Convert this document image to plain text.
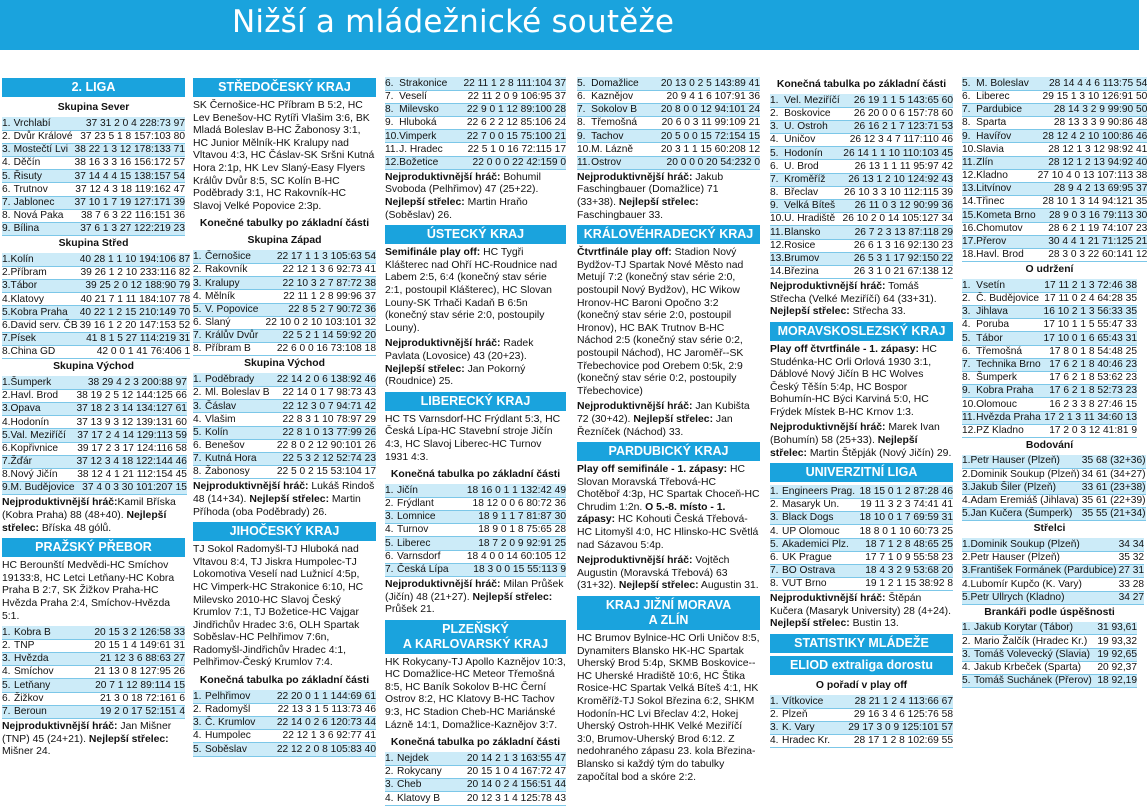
Nižší a mládežnické soutěže
2. LIGA
Skupina Sever
1.	Vrchlabí	37 31 2 0 4 228:73 97
2.	Dvůr Králové	37 23 5 1 8 157:103 80
3.	Mostečtí Lvi	38 22 1 3 12 178:133 71
4.	Děčín	38 16 3 3 16 156:172 57
5.	Řisuty	37 14 4 4 15 138:157 54
6.	Trutnov	37 12 4 3 18 119:162 47
7.	Jablonec	37 10 1 7 19 127:171 39
8.	Nová Paka	38 7 6 3 22 116:151 36
9.	Bílina	37 6 1 3 27 122:219 23
Skupina Střed
1.	Kolín	40 28 1 1 10 194:106 87
2.	Příbram	39 26 1 2 10 233:116 82
3.	Tábor	39 25 2 0 12 188:90 79
4.	Klatovy	40 21 7 1 11 184:107 78
5.	Kobra Praha	40 22 1 2 15 210:149 70
6.	David serv. ČB	39 16 1 2 20 147:153 52
7.	Písek	41 8 1 5 27 114:219 31
8.	China GD	42 0 0 1 41 76:406 1
Skupina Východ
1.	Šumperk	38 29 4 2 3 200:88 97
2.	Havl. Brod	38 19 2 5 12 144:125 66
3.	Opava	37 18 2 3 14 134:127 61
4.	Hodonín	37 13 9 3 12 139:131 60
5.	Val. Meziříčí	37 17 2 4 14 129:113 59
6.	Kopřivnice	39 17 2 3 17 124:116 58
7.	Žďár	37 12 3 4 18 122:144 46
8.	Nový Jičín	38 12 4 1 21 112:154 45
9.	M. Budějovice	37 4 0 3 30 101:207 15
Nejproduktivnější hráč:Kamil Bříska (Kobra Praha) 88 (48+40). Nejlepší střelec: Bříska 48 gólů.
PRAŽSKÝ PŘEBOR
HC Berounští Medvědi-HC Smíchov 19133:8, HC Letci Letňany-HC Kobra Praha B 2:7, SK Žižkov Praha-HC Hvězda Praha 2:4, Smíchov-Hvězda 5:1.
1.	Kobra B	20 15 3 2 126:58 33
2.	TNP	20 15 1 4 149:61 31
3.	Hvězda	21 12 3 6 88:63 27
4.	Smíchov	21 13 0 8 127:95 26
5.	Letňany	20 7 1 12 89:114 15
6.	Žižkov	21 3 0 18 72:161 6
7.	Beroun	19 2 0 17 52:151 4
Nejproduktivnější hráč: Jan Mišner (TNP) 45 (24+21). Nejlepší střelec: Mišner 24.
STŘEDOČESKÝ KRAJ
SK Černošice-HC Příbram B 5:2, HC Lev Benešov-HC Rytíři Vlašim 3:6, BK Mladá Boleslav B-HC Žabonosy 3:1, HC Junior Mělník-HK Kralupy nad Vltavou 4:3, HC Čáslav-SK Sršni Kutná Hora 2:1p, HK Lev Slaný-Easy Flyers Králův Dvůr 8:5, SC Kolín B-HC Poděbrady 3:1, HC Rakovník-HC Slavoj Velké Popovice 2:3p.
Konečné tabulky po základní části
Skupina Západ
1.	Černošice	22 17 1 1 3 105:63 54
2.	Rakovník	22 12 1 3 6 92:73 41
3.	Kralupy	22 10 3 2 7 87:72 38
4.	Mělník	22 11 1 2 8 99:96 37
5.	V. Popovice	22 8 5 2 7 90:72 36
6.	Slaný	22 10 0 2 10 103:101 32
7.	Králův Dvůr	22 5 2 1 14 59:92 20
8.	Příbram B	22 6 0 0 16 73:108 18
Skupina Východ
1.	Poděbrady	22 14 2 0 6 138:92 46
2.	Ml. Boleslav B	22 14 0 1 7 98:73 43
3.	Čáslav	22 12 3 0 7 94:71 42
4.	Vlašim	22 8 3 1 10 78:97 29
5.	Kolín	22 8 1 0 13 77:99 26
6.	Benešov	22 8 0 2 12 90:101 26
7.	Kutná Hora	22 5 3 2 12 52:74 23
8.	Žabonosy	22 5 0 2 15 53:104 17
Nejproduktivnější hráč: Lukáš Rindoš 48 (14+34). Nejlepší střelec: Martin Příhoda (oba Poděbrady) 26.
JIHOČESKÝ KRAJ
TJ Sokol Radomyšl-TJ Hluboká nad Vltavou 8:4, TJ Jiskra Humpolec-TJ Lokomotiva Veselí nad Lužnicí 4:5p, HC Vimperk-HC Strakonice 6:10, HC Milevsko 2010-HC Slavoj Český Krumlov 7:1, TJ Božetice-HC Vajgar Jindřichův Hradec 3:6, OLH Spartak Soběslav-HC Pelhřimov 7:6n, Radomyšl-Jindřichův Hradec 4:1, Pelhřimov-Český Krumlov 7:4.
Konečná tabulka po základní části
1.	Pelhřimov	22 20 0 1 1 144:69 61
2.	Radomyšl	22 13 3 1 5 113:73 46
3.	Č. Krumlov	22 14 0 2 6 120:73 44
4.	Humpolec	22 12 1 3 6 92:77 41
5.	Soběslav	22 12 2 0 8 105:83 40
6.	Strakonice	22 11 1 2 8 111:104 37
7.	Veselí	22 11 2 0 9 106:95 37
8.	Milevsko	22 9 0 1 12 89:100 28
9.	Hluboká	22 6 2 2 12 85:106 24
10.	Vimperk	22 7 0 0 15 75:100 21
11.	J. Hradec	22 5 1 0 16 72:115 17
12.	Božetice	22 0 0 0 22 42:159 0
Nejproduktivnější hráč: Bohumil Svoboda (Pelhřimov) 47 (25+22). Nejlepší střelec: Martin Hraňo (Soběslav) 26.
ÚSTECKÝ KRAJ
Semifinále play off: HC Tygři Klášterec nad Ohří HC-Roudnice nad Labem 2:5, 6:4 (konečný stav série 2:1, postoupil Klášterec), HC Slovan Louny-SK Trhači Kadaň B 6:5n (konečný stav série 2:0, postoupily Louny).
Nejproduktivnější hráč: Radek Pavlata (Lovosice) 43 (20+23). Nejlepší střelec: Jan Pokorný (Roudnice) 25.
LIBERECKÝ KRAJ
HC TS Varnsdorf-HC Frýdlant 5:3, HC Česká Lípa-HC Stavební stroje Jičín 4:3, HC Slavoj Liberec-HC Turnov 1931 4:3.
Konečná tabulka po základní části
1.	Jičín	18 16 0 1 1 132:42 49
2.	Frýdlant	18 12 0 0 6 80:72 36
3.	Lomnice	18 9 1 1 7 81:87 30
4.	Turnov	18 9 0 1 8 75:65 28
5.	Liberec	18 7 2 0 9 92:91 25
6.	Varnsdorf	18 4 0 0 14 60:105 12
7.	Česká Lípa	18 3 0 0 15 55:113 9
Nejproduktivnější hráč: Milan Průšek (Jičín) 48 (21+27). Nejlepší střelec: Průšek 21.
PLZEŇSKÝ
A KARLOVARSKÝ KRAJ
HK Rokycany-TJ Apollo Kaznějov 10:3, HC Domažlice-HC Meteor Třemošná 8:5, HC Baník Sokolov B-HC Černí Ostrov 8:2, HC Klatovy B-HC Tachov 9:3, HC Stadion Cheb-HC Mariánské Lázně 14:1, Domažlice-Kaznějov 3:7.
Konečná tabulka po základní části
1.	Nejdek	20 14 2 1 3 163:55 47
2.	Rokycany	20 15 1 0 4 167:72 47
3.	Cheb	20 14 0 2 4 156:51 44
4.	Klatovy B	20 12 3 1 4 125:78 43
5.	Domažlice	20 13 0 2 5 143:89 41
6.	Kaznějov	20 9 4 1 6 107:91 36
7.	Sokolov B	20 8 0 0 12 94:101 24
8.	Třemošná	20 6 0 3 11 99:109 21
9.	Tachov	20 5 0 0 15 72:154 15
10.	M. Lázně	20 3 1 1 15 60:208 12
11.	Ostrov	20 0 0 0 20 54:232 0
Nejproduktivnější hráč: Jakub Faschingbauer (Domažlice) 71 (33+38). Nejlepší střelec: Faschingbauer 33.
KRÁLOVÉHRADECKÝ KRAJ
Čtvrtfinále play off: Stadion Nový Bydžov-TJ Spartak Nové Město nad Metují 7:2 (konečný stav série 2:0, postoupil Nový Bydžov), HC Wikow Hronov-HC Baroni Opočno 3:2 (konečný stav série 2:0, postoupil Hronov), HC BAK Trutnov B-HC Náchod 2:5 (konečný stav série 0:2, postoupil Náchod), HC Jaroměř--SK Třebechovice pod Orebem 0:5k, 2:9 (konečný stav série 0:2, postoupily Třebechovice)
Nejproduktivnější hráč: Jan Kubišta 72 (30+42). Nejlepší střelec: Jan Řezníček (Náchod) 33.
PARDUBICKÝ KRAJ
Play off semifinále - 1. zápasy: HC Slovan Moravská Třebová-HC Chotěboř 4:3p, HC Spartak Choceň-HC Chrudim 1:2n. O 5.-8. místo - 1. zápasy: HC Kohouti Česká Třebová-HC Litomyšl 4:0, HC Hlinsko-HC Světlá nad Sázavou 5:4p.
Nejproduktivnější hráč: Vojtěch Augustin (Moravská Třebová) 63 (31+32). Nejlepší střelec: Augustin 31.
KRAJ JIŽNÍ MORAVA
A ZLÍN
HC Brumov Bylnice-HC Orli Uničov 8:5, Dynamiters Blansko HK-HC Spartak Uherský Brod 5:4p, SKMB Boskovice--HC Uherské Hradiště 10:6, HC Štika Rosice-HC Spartak Velká Bíteš 4:1, HK Kroměříž-TJ Sokol Březina 6:2, SHKM Hodonín-HC Lvi Břeclav 4:2, Hokej Uherský Ostroh-HHK Velké Meziříčí 3:0, Brumov-Uherský Brod 6:12. Z nedohraného zápasu 23. kola Březina-Blansko si každý tým do tabulky započítal bod a skóre 2:2.
Konečná tabulka po základní části
1.	Vel. Meziříčí	26 19 1 1 5 143:65 60
2.	Boskovice	26 20 0 0 6 157:78 60
3.	U. Ostroh	26 16 2 1 7 123:71 53
4.	Uničov	26 12 3 4 7 117:110 46
5.	Hodonín	26 14 1 1 10 110:103 45
6.	U. Brod	26 13 1 1 11 95:97 42
7.	Kroměříž	26 13 1 2 10 124:92 43
8.	Břeclav	26 10 3 3 10 112:115 39
9.	Velká Bíteš	26 11 0 3 12 90:99 36
10.	U. Hradiště	26 10 2 0 14 105:127 34
11.	Blansko	26 7 2 3 13 87:118 29
12.	Rosice	26 6 1 3 16 92:130 23
13.	Brumov	26 5 3 1 17 92:150 22
14.	Březina	26 3 1 0 21 67:138 12
Nejproduktivnější hráč: Tomáš Střecha (Velké Meziříčí) 64 (33+31). Nejlepší střelec: Střecha 33.
MORAVSKOSLEZSKÝ KRAJ
Play off čtvrtfinále - 1. zápasy: HC Studénka-HC Orli Orlová 1930 3:1, Dáblové Nový Jičín B HC Wolves Český Těšín 5:4p, HC Bospor Bohumín-HC Býci Karviná 5:0, HC Frýdek Místek B-HC Krnov 1:3.
Nejproduktivnější hráč: Marek Ivan (Bohumín) 58 (25+33). Nejlepší střelec: Martin Štěpják (Nový Jičín) 29.
UNIVERZITNÍ LIGA
1.	Engineers Prag.	18 15 0 1 2 87:28 46
2.	Masaryk Un.	19 11 3 2 3 74:41 41
3.	Black Dogs	18 10 0 1 7 69:59 31
4.	UP Olomouc	18 8 0 1 10 60:73 25
5.	Akademici Plz.	18 7 1 2 8 48:65 25
6.	UK Prague	17 7 1 0 9 55:58 23
7.	BO Ostrava	18 4 3 2 9 53:68 20
8.	VUT Brno	19 1 2 1 15 38:92 8
Nejproduktivnější hráč: Štěpán Kučera (Masaryk University) 28 (4+24). Nejlepší střelec: Bustin 13.
STATISTIKY MLÁDEŽE
ELIOD extraliga dorostu
O pořadí v play off
1.	Vítkovice	28 21 1 2 4 113:66 67
2.	Plzeň	29 16 3 4 6 125:76 58
3.	K. Vary	29 17 3 0 9 125:101 57
4.	Hradec Kr.	28 17 1 2 8 102:69 55
5.	M. Boleslav	28 14 4 4 6 113:75 54
6.	Liberec	29 15 1 3 10 126:91 50
7.	Pardubice	28 14 3 2 9 99:90 50
8.	Sparta	28 13 3 3 9 90:86 48
9.	Havířov	28 12 4 2 10 100:86 46
10.	Slavia	28 12 1 3 12 98:92 41
11.	Zlín	28 12 1 2 13 94:92 40
12.	Kladno	27 10 4 0 13 107:113 38
13.	Litvínov	28 9 4 2 13 69:95 37
14.	Třinec	28 10 1 3 14 94:121 35
15.	Kometa Brno	28 9 0 3 16 79:113 30
16.	Chomutov	28 6 2 1 19 74:107 23
17.	Přerov	30 4 4 1 21 71:125 21
18.	Havl. Brod	28 3 0 3 22 60:141 12
O udržení
1.	Vsetín	17 11 2 1 3 72:46 38
2.	Č. Budějovice	17 11 0 2 4 64:28 35
3.	Jihlava	16 10 2 1 3 56:33 35
4.	Poruba	17 10 1 1 5 55:47 33
5.	Tábor	17 10 0 1 6 65:43 31
6.	Třemošná	17 8 0 1 8 54:48 25
7.	Technika Brno	17 6 2 1 8 40:46 23
8.	Šumperk	17 6 2 1 8 53:62 23
9.	Kobra Praha	17 6 2 1 8 52:73 23
10.	Olomouc	16 2 3 3 8 27:46 15
11.	Hvězda Praha	17 2 1 3 11 34:60 13
12.	PZ Kladno	17 2 0 3 12 41:81 9
Bodování
1.	Petr Hauser (Plzeň)	35 68 (32+36)
2.	Dominik Soukup (Plzeň)	34 61 (34+27)
3.	Jakub Šiler (Plzeň)	33 61 (23+38)
4.	Adam Eremiáš (Jihlava)	35 61 (22+39)
5.	Jan Kučera (Šumperk)	35 55 (21+34)
Střelci
1.	Dominik Soukup (Plzeň)	34 34
2.	Petr Hauser (Plzeň)	35 32
3.	František Formánek (Pardubice)	27 31
4.	Lubomír Kupčo (K. Vary)	33 28
5.	Petr Ullrych (Kladno)	34 27
Brankáři podle úspěšnosti
1.	Jakub Korytar (Tábor)	31 93,61
2.	Mario Žalčík (Hradec Kr.)	19 93,32
3.	Tomáš Volevecký (Slavia)	19 92,65
4.	Jakub Krbeček (Sparta)	20 92,37
5.	Tomáš Suchánek (Přerov)	18 92,19
